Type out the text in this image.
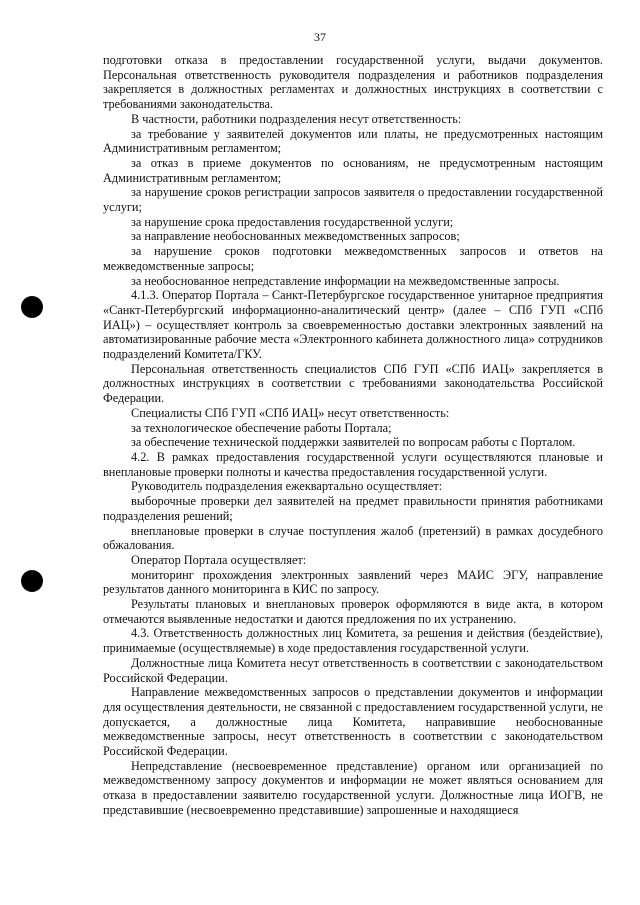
37

подготовки отказа в предоставлении государственной услуги, выдачи документов. Персональная ответственность руководителя подразделения и работников подразделения закрепляется в должностных регламентах и должностных инструкциях в соответствии с требованиями законодательства.

В частности, работники подразделения несут ответственность:

за требование у заявителей документов или платы, не предусмотренных настоящим Административным регламентом;

за отказ в приеме документов по основаниям, не предусмотренным настоящим Административным регламентом;

за нарушение сроков регистрации запросов заявителя о предоставлении государственной услуги;

за нарушение срока предоставления государственной услуги;

за направление необоснованных межведомственных запросов;

за нарушение сроков подготовки межведомственных запросов и ответов на межведомственные запросы;

за необоснованное непредставление информации на межведомственные запросы.

4.1.3. Оператор Портала – Санкт-Петербургское государственное унитарное предприятия «Санкт-Петербургский информационно-аналитический центр» (далее – СПб ГУП «СПб ИАЦ») – осуществляет контроль за своевременностью доставки электронных заявлений на автоматизированные рабочие места «Электронного кабинета должностного лица» сотрудников подразделений Комитета/ГКУ.

Персональная ответственность специалистов СПб ГУП «СПб ИАЦ» закрепляется в должностных инструкциях в соответствии с требованиями законодательства Российской Федерации.

Специалисты СПб ГУП «СПб ИАЦ» несут ответственность:

за технологическое обеспечение работы Портала;

за обеспечение технической поддержки заявителей по вопросам работы с Порталом.

4.2. В рамках предоставления государственной услуги осуществляются плановые и внеплановые проверки полноты и качества предоставления государственной услуги.

Руководитель подразделения ежеквартально осуществляет:

выборочные проверки дел заявителей на предмет правильности принятия работниками подразделения решений;

внеплановые проверки в случае поступления жалоб (претензий) в рамках досудебного обжалования.

Оператор Портала осуществляет:

мониторинг прохождения электронных заявлений через МАИС ЭГУ, направление результатов данного мониторинга в КИС по запросу.

Результаты плановых и внеплановых проверок оформляются в виде акта, в котором отмечаются выявленные недостатки и даются предложения по их устранению.

4.3. Ответственность должностных лиц Комитета, за решения и действия (бездействие), принимаемые (осуществляемые) в ходе предоставления государственной услуги.

Должностные лица Комитета несут ответственность в соответствии с законодательством Российской Федерации.

Направление межведомственных запросов о представлении документов и информации для осуществления деятельности, не связанной с предоставлением государственной услуги, не допускается, а должностные лица Комитета, направившие необоснованные межведомственные запросы, несут ответственность в соответствии с законодательством Российской Федерации.

Непредставление (несвоевременное представление) органом или организацией по межведомственному запросу документов и информации не может являться основанием для отказа в предоставлении заявителю государственной услуги. Должностные лица ИОГВ, не представившие (несвоевременно представившие) запрошенные и находящиеся
